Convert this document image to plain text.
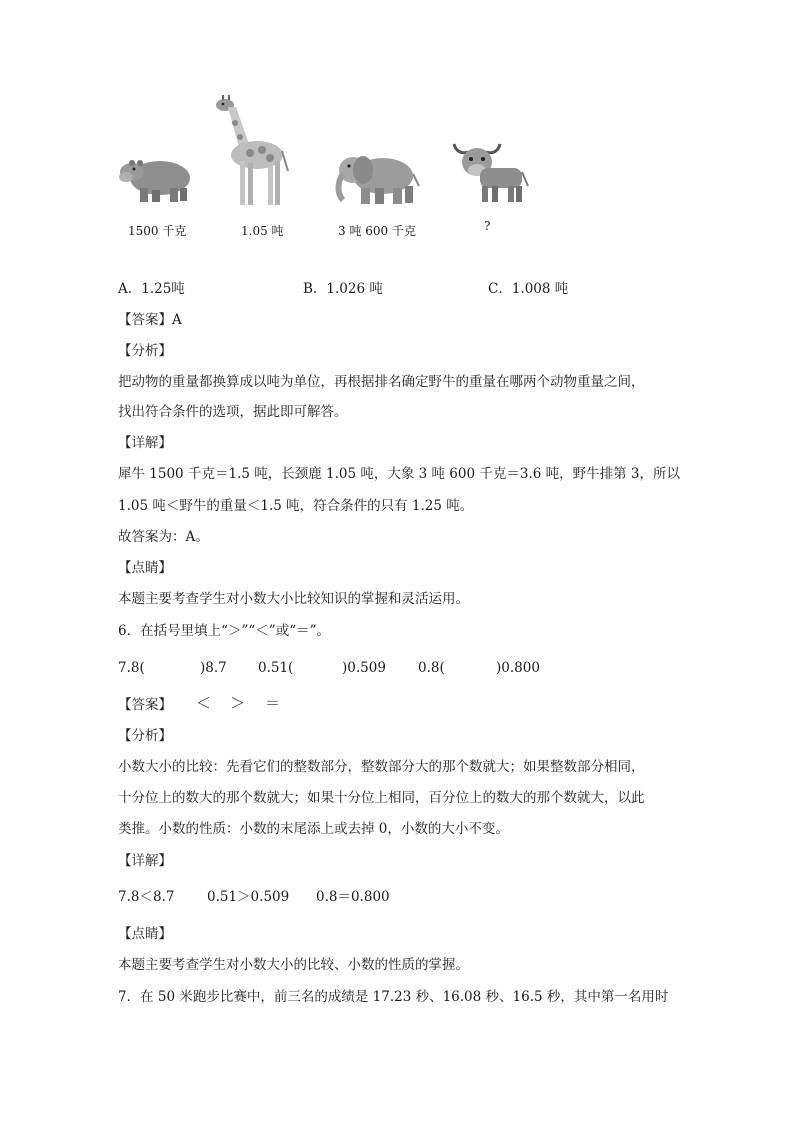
1500 千克	1.05 吨	3 吨 600 千克	?
A．1.25吨	B．1.026 吨	C．1.008 吨
【答案】A
【分析】
把动物的重量都换算成以吨为单位，再根据排名确定野牛的重量在哪两个动物重量之间，
找出符合条件的选项，据此即可解答。
【详解】
犀牛 1500 千克＝1.5 吨，长颈鹿 1.05 吨，大象 3 吨 600 千克＝3.6 吨，野牛排第 3，所以
1.05 吨＜野牛的重量＜1.5 吨，符合条件的只有 1.25 吨。
故答案为：A。
【点睛】
本题主要考查学生对小数大小比较知识的掌握和灵活运用。
6．在括号里填上“＞”“＜”或“＝”。
7.8(	)8.7 0.51(	)0.509 0.8(	)0.800
【答案】 ＜ ＞ ＝
【分析】
小数大小的比较：先看它们的整数部分，整数部分大的那个数就大；如果整数部分相同，
十分位上的数大的那个数就大；如果十分位上相同，百分位上的数大的那个数就大，以此
类推。小数的性质：小数的末尾添上或去掉 0，小数的大小不变。
【详解】
7.8＜8.7 0.51＞0.509 0.8＝0.800
【点睛】
本题主要考查学生对小数大小的比较、小数的性质的掌握。
7．在 50 米跑步比赛中，前三名的成绩是 17.23 秒、16.08 秒、16.5 秒，其中第一名用时
